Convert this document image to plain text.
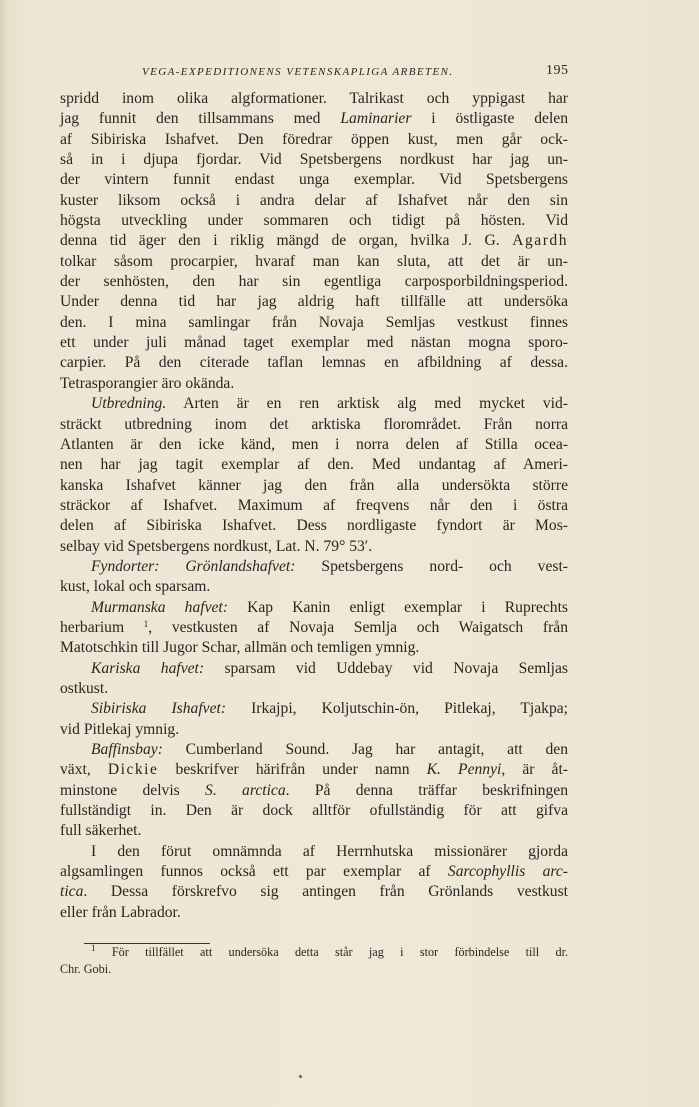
VEGA-EXPEDITIONENS VETENSKAPLIGA ARBETEN.	195

spridd inom olika algformationer. Talrikast och yppigast har

jag funnit den tillsammans med Laminarier i östligaste delen

af Sibiriska Ishafvet. Den föredrar öppen kust, men går ock-

så in i djupa fjordar. Vid Spetsbergens nordkust har jag un-

der vintern funnit endast unga exemplar. Vid Spetsbergens

kuster liksom också i andra delar af Ishafvet når den sin

högsta utveckling under sommaren och tidigt på hösten. Vid

denna tid äger den i riklig mängd de organ, hvilka J. G. Agardh

tolkar såsom procarpier, hvaraf man kan sluta, att det är un-

der senhösten, den har sin egentliga carposporbildningsperiod.

Under denna tid har jag aldrig haft tillfälle att undersöka

den. I mina samlingar från Novaja Semljas vestkust finnes

ett under juli månad taget exemplar med nästan mogna sporo-

carpier. På den citerade taflan lemnas en afbildning af dessa.

Tetrasporangier äro okända.

Utbredning. Arten är en ren arktisk alg med mycket vid-

sträckt utbredning inom det arktiska florområdet. Från norra

Atlanten är den icke känd, men i norra delen af Stilla ocea-

nen har jag tagit exemplar af den. Med undantag af Ameri-

kanska Ishafvet känner jag den från alla undersökta större

sträckor af Ishafvet. Maximum af freqvens når den i östra

delen af Sibiriska Ishafvet. Dess nordligaste fyndort är Mos-

selbay vid Spetsbergens nordkust, Lat. N. 79° 53′.

Fyndorter: Grönlandshafvet: Spetsbergens nord- och vest-

kust, lokal och sparsam.

Murmanska hafvet: Kap Kanin enligt exemplar i Ruprechts

herbarium $^1$, vestkusten af Novaja Semlja och Waigatsch från

Matotschkin till Jugor Schar, allmän och temligen ymnig.

Kariska hafvet: sparsam vid Uddebay vid Novaja Semljas

ostkust.

Sibiriska Ishafvet: Irkajpi, Koljutschin-ön, Pitlekaj, Tjakpa;

vid Pitlekaj ymnig.

Baffinsbay: Cumberland Sound. Jag har antagit, att den

växt, Dickie beskrifver härifrån under namn K. Pennyi, är åt-

minstone delvis S. arctica. På denna träffar beskrifningen

fullständigt in. Den är dock alltför ofullständig för att gifva

full säkerhet.

I den förut omnämnda af Herrnhutska missionärer gjorda

algsamlingen funnos också ett par exemplar af Sarcophyllis arc-

tica. Dessa förskrefvo sig antingen från Grönlands vestkust

eller från Labrador.

$^1$ För tillfället att undersöka detta står jag i stor förbindelse till dr.

Chr. Gobi.
